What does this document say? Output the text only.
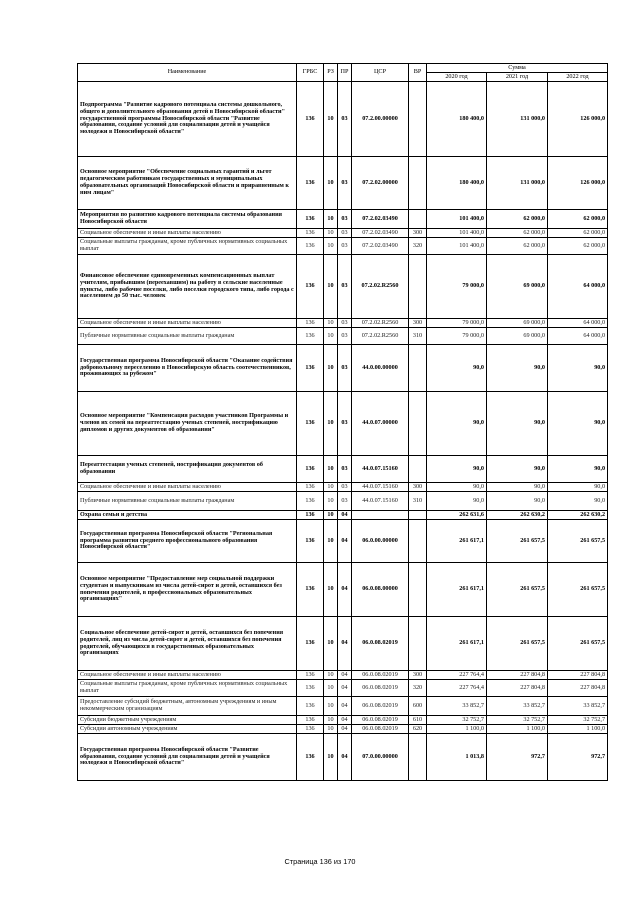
Наименование	ГРБС	РЗ	ПР	ЦСР	ВР	Сумма		
						2020 год	2021 год	2022 год
Подпрограмма "Развитие кадрового потенциала системы дошкольного, общего и дополнительного образования детей в Новосибирской области" государственной программы Новосибирской области "Развитие образования, создание условий для социализации детей и учащейся молодежи в Новосибирской области"	136	10	03	07.2.00.00000		180 400,0	131 000,0	126 000,0
Основное мероприятие "Обеспечение социальных гарантий и льгот педагогическим работникам государственных и муниципальных образовательных организаций Новосибирской области и приравненным к ним лицам"	136	10	03	07.2.02.00000		180 400,0	131 000,0	126 000,0
Мероприятия по развитию кадрового потенциала системы образования Новосибирской области	136	10	03	07.2.02.03490		101 400,0	62 000,0	62 000,0
Социальное обеспечение и иные выплаты населению	136	10	03	07.2.02.03490	300	101 400,0	62 000,0	62 000,0
Социальные выплаты гражданам, кроме публичных нормативных социальных выплат	136	10	03	07.2.02.03490	320	101 400,0	62 000,0	62 000,0
Финансовое обеспечение единовременных компенсационных выплат учителям, прибывшим (переехавшим) на работу в сельские населенные пункты, либо рабочие поселки, либо поселки городского типа, либо города с населением до 50 тыс. человек	136	10	03	07.2.02.R2560		79 000,0	69 000,0	64 000,0
Социальное обеспечение и иные выплаты населению	136	10	03	07.2.02.R2560	300	79 000,0	69 000,0	64 000,0
Публичные нормативные социальные выплаты гражданам	136	10	03	07.2.02.R2560	310	79 000,0	69 000,0	64 000,0
Государственная программа Новосибирской области "Оказание содействия добровольному переселению в Новосибирскую область соотечественников, проживающих за рубежом"	136	10	03	44.0.00.00000		90,0	90,0	90,0
Основное мероприятие "Компенсация расходов участников Программы и членов их семей на переаттестацию ученых степеней, нострификацию дипломов и других документов об образовании"	136	10	03	44.0.07.00000		90,0	90,0	90,0
Переаттестация ученых степеней, нострификация документов об образовании	136	10	03	44.0.07.15160		90,0	90,0	90,0
Социальное обеспечение и иные выплаты населению	136	10	03	44.0.07.15160	300	90,0	90,0	90,0
Публичные нормативные социальные выплаты гражданам	136	10	03	44.0.07.15160	310	90,0	90,0	90,0
Охрана семьи и детства	136	10	04			262 631,6	262 630,2	262 630,2
Государственная программа Новосибирской области "Региональная программа развития среднего профессионального образования Новосибирской области"	136	10	04	06.0.00.00000		261 617,1	261 657,5	261 657,5
Основное мероприятие "Предоставление мер социальной поддержки студентам и выпускникам из числа детей-сирот и детей, оставшихся без попечения родителей, в профессиональных образовательных организациях"	136	10	04	06.0.08.00000		261 617,1	261 657,5	261 657,5
Социальное обеспечение детей-сирот и детей, оставшихся без попечения родителей, лиц из числа детей-сирот и детей, оставшихся без попечения родителей, обучающихся в государственных образовательных организациях	136	10	04	06.0.08.02019		261 617,1	261 657,5	261 657,5
Социальное обеспечение и иные выплаты населению	136	10	04	06.0.08.02019	300	227 764,4	227 804,8	227 804,8
Социальные выплаты гражданам, кроме публичных нормативных социальных выплат	136	10	04	06.0.08.02019	320	227 764,4	227 804,8	227 804,8
Предоставление субсидий бюджетным, автономным учреждениям и иным некоммерческим организациям	136	10	04	06.0.08.02019	600	33 852,7	33 852,7	33 852,7
Субсидии бюджетным учреждениям	136	10	04	06.0.08.02019	610	32 752,7	32 752,7	32 752,7
Субсидии автономным учреждениям	136	10	04	06.0.08.02019	620	1 100,0	1 100,0	1 100,0
Государственная программа Новосибирской области "Развитие образования, создание условий для социализации детей и учащейся молодежи в Новосибирской области"	136	10	04	07.0.00.00000		1 013,8	972,7	972,7
Страница 136 из 170
